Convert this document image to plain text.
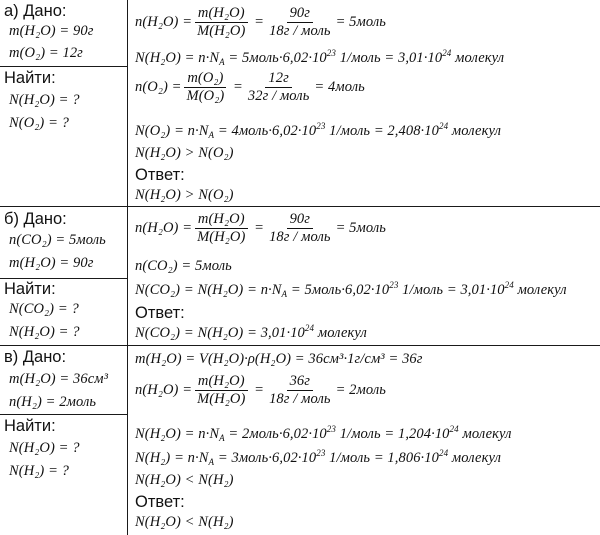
а) Дано:
m(H₂O) = 90г
m(O₂) = 12г
Найти:
N(H₂O) = ?
N(O₂) = ?
$n(H_2O) = \frac{\text{m(H₂O)}}{\text{M(H₂O)}} = \frac{90г}{\text{18г / моль}}$ = 5моль
$N(H_2O) = n\cdot N_A$ = $5моль\cdot 6,02\cdot 10^{23}$ 1/моль = $3,01\cdot 10^{24}$ молекул
$n(O_2) = \frac{\text{m(O₂)}}{\text{M(O₂)}} = \frac{12г}{\text{32г / моль}}$ = 4моль
$N(O_2) = n\cdot N_A$ = $4моль\cdot 6,02\cdot 10^{23}$ 1/моль = $2,408\cdot 10^{24}$ молекул
N(H₂O) > N(O₂)
Ответ:
N(H₂O) > N(O₂)
б) Дано:
n(CO₂) = 5моль
m(H₂O) = 90г
Найти:
N(CO₂) = ?
N(H₂O) = ?
$n(H_2O) = \frac{\text{m(H₂O)}}{\text{M(H₂O)}} = \frac{90г}{\text{18г / моль}}$ = 5моль
n(CO₂) = 5моль
$N(CO_2) = N(H_2O) = n\cdot N_A$ = $5моль\cdot 6,02\cdot 10^{23}$ 1/моль = $3,01\cdot 10^{24}$ молекул
Ответ:
$N(CO_2) = N(H_2O) = 3,01\cdot 10^{24}$ молекул
в) Дано:
m(H₂O) = 36см³
n(H₂) = 2моль
Найти:
N(H₂O) = ?
N(H₂) = ?
m(H₂O) = V(H₂O)·ρ(H₂O) = 36см³·1г/см³ = 36г
$n(H_2O) = \frac{\text{m(H₂O)}}{\text{M(H₂O)}} = \frac{36г}{\text{18г / моль}}$ = 2моль
$N(H_2O) = n\cdot N_A$ = $2моль\cdot 6,02\cdot 10^{23}$ 1/моль = $1,204\cdot 10^{24}$ молекул
$N(H_2) = n\cdot N_A$ = $3моль\cdot 6,02\cdot 10^{23}$ 1/моль = $1,806\cdot 10^{24}$ молекул
N(H₂O) < N(H₂)
Ответ:
N(H₂O) < N(H₂)
